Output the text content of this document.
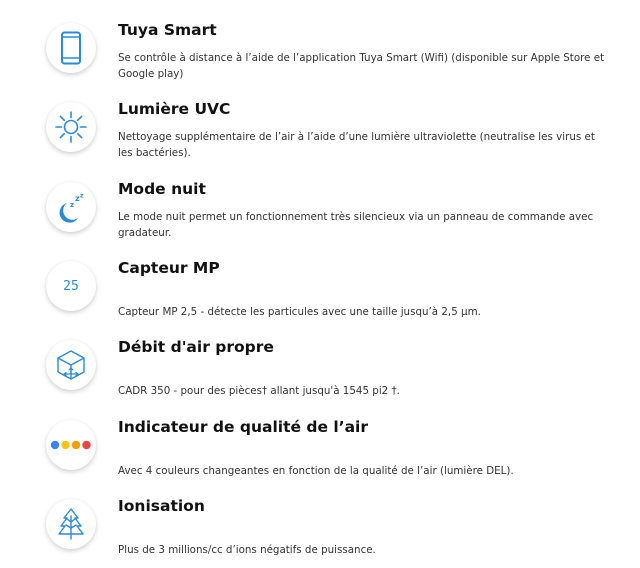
Tuya Smart

Se contrôle à distance à l’aide de l’application Tuya Smart (Wifi) (disponible sur Apple Store et Google play)

Lumière UVC

Nettoyage supplémentaire de l’air à l’aide d’une lumière ultraviolette (neutralise les virus et les bactéries).

z
z z Mode nuit

Le mode nuit permet un fonctionnement très silencieux via un panneau de commande avec gradateur.

25
Capteur MP

Capteur MP 2,5 - détecte les particules avec une taille jusqu’à 2,5 µm.

Débit d'air propre

CADR 350 - pour des pièces† allant jusqu'à 1545 pi2 †.

Indicateur de qualité de l’air

Avec 4 couleurs changeantes en fonction de la qualité de l’air (lumière DEL).

Ionisation

Plus de 3 millions/cc d’ions négatifs de puissance.
